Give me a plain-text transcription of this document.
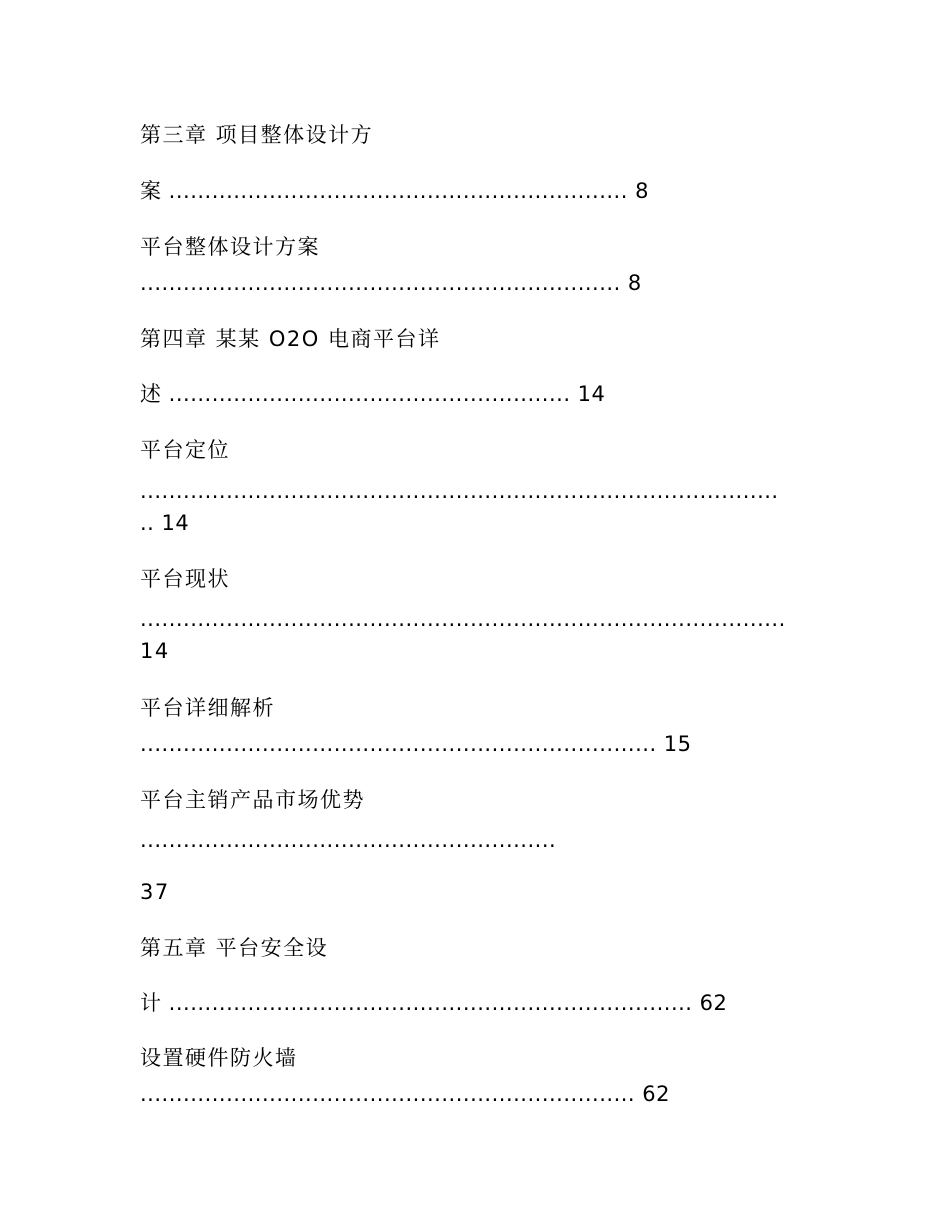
第三章 项目整体设计方
案 ................................................................ 8
平台整体设计方案
................................................................... 8
第四章 某某 O2O 电商平台详
述 ........................................................ 14
平台定位
.........................................................................................
.. 14
平台现状
..........................................................................................
14
平台详细解析
........................................................................ 15
平台主销产品市场优势
..........................................................
37
第五章 平台安全设
计 ......................................................................... 62
设置硬件防火墙
..................................................................... 62
